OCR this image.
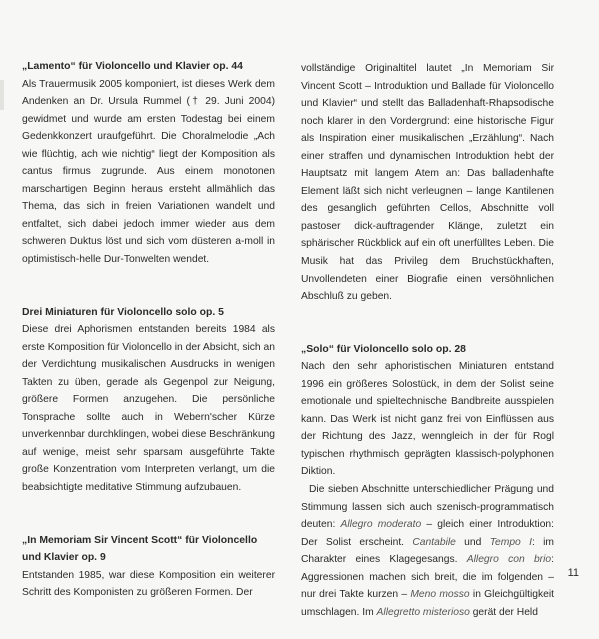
„Lamento“ für Violoncello und Klavier op. 44

Als Trauermusik 2005 komponiert, ist dieses Werk dem Andenken an Dr. Ursula Rummel († 29. Juni 2004) gewidmet und wurde am ersten Todestag bei einem Gedenkkonzert uraufgeführt. Die Choralmelodie „Ach wie flüchtig, ach wie nichtig“ liegt der Komposition als cantus firmus zugrunde. Aus einem monotonen marschartigen Beginn heraus ersteht allmählich das Thema, das sich in freien Variationen wandelt und entfaltet, sich dabei jedoch immer wieder aus dem schweren Duktus löst und sich vom düsteren a-moll in optimistisch-helle Dur-Tonwelten wendet.

Drei Miniaturen für Violoncello solo op. 5

Diese drei Aphorismen entstanden bereits 1984 als erste Komposition für Violoncello in der Absicht, sich an der Verdichtung musikalischen Ausdrucks in wenigen Takten zu üben, gerade als Gegenpol zur Neigung, größere Formen anzugehen. Die persönliche Tonsprache sollte auch in Webern'scher Kürze unverkennbar durchklingen, wobei diese Beschränkung auf wenige, meist sehr sparsam ausgeführte Takte große Konzentration vom Interpreten verlangt, um die beabsichtigte meditative Stimmung aufzubauen.

„In Memoriam Sir Vincent Scott“ für Violoncello und Klavier op. 9

Entstanden 1985, war diese Komposition ein weiterer Schritt des Komponisten zu größeren Formen. Der

vollständige Originaltitel lautet „In Memoriam Sir Vincent Scott – Introduktion und Ballade für Violoncello und Klavier“ und stellt das Balladenhaft-Rhapsodische noch klarer in den Vordergrund: eine historische Figur als Inspiration einer musikalischen „Erzählung“. Nach einer straffen und dynamischen Introduktion hebt der Hauptsatz mit langem Atem an: Das balladenhafte Element läßt sich nicht verleugnen – lange Kantilenen des gesanglich geführten Cellos, Abschnitte voll pastoser dick-auftragender Klänge, zuletzt ein sphärischer Rückblick auf ein oft unerfülltes Leben. Die Musik hat das Privileg dem Bruchstückhaften, Unvollendeten einer Biografie einen versöhnlichen Abschluß zu geben.

„Solo“ für Violoncello solo op. 28

Nach den sehr aphoristischen Miniaturen entstand 1996 ein größeres Solostück, in dem der Solist seine emotionale und spieltechnische Bandbreite ausspielen kann. Das Werk ist nicht ganz frei von Einflüssen aus der Richtung des Jazz, wenngleich in der für Rogl typischen rhythmisch geprägten klassisch-polyphonen Diktion.

Die sieben Abschnitte unterschiedlicher Prägung und Stimmung lassen sich auch szenisch-programmatisch deuten: Allegro moderato – gleich einer Introduktion: Der Solist erscheint. Cantabile und Tempo I: im Charakter eines Klagegesangs. Allegro con brio: Aggressionen machen sich breit, die im folgenden – nur drei Takte kurzen – Meno mosso in Gleichgültigkeit umschlagen. Im Allegretto misterioso gerät der Held

11
